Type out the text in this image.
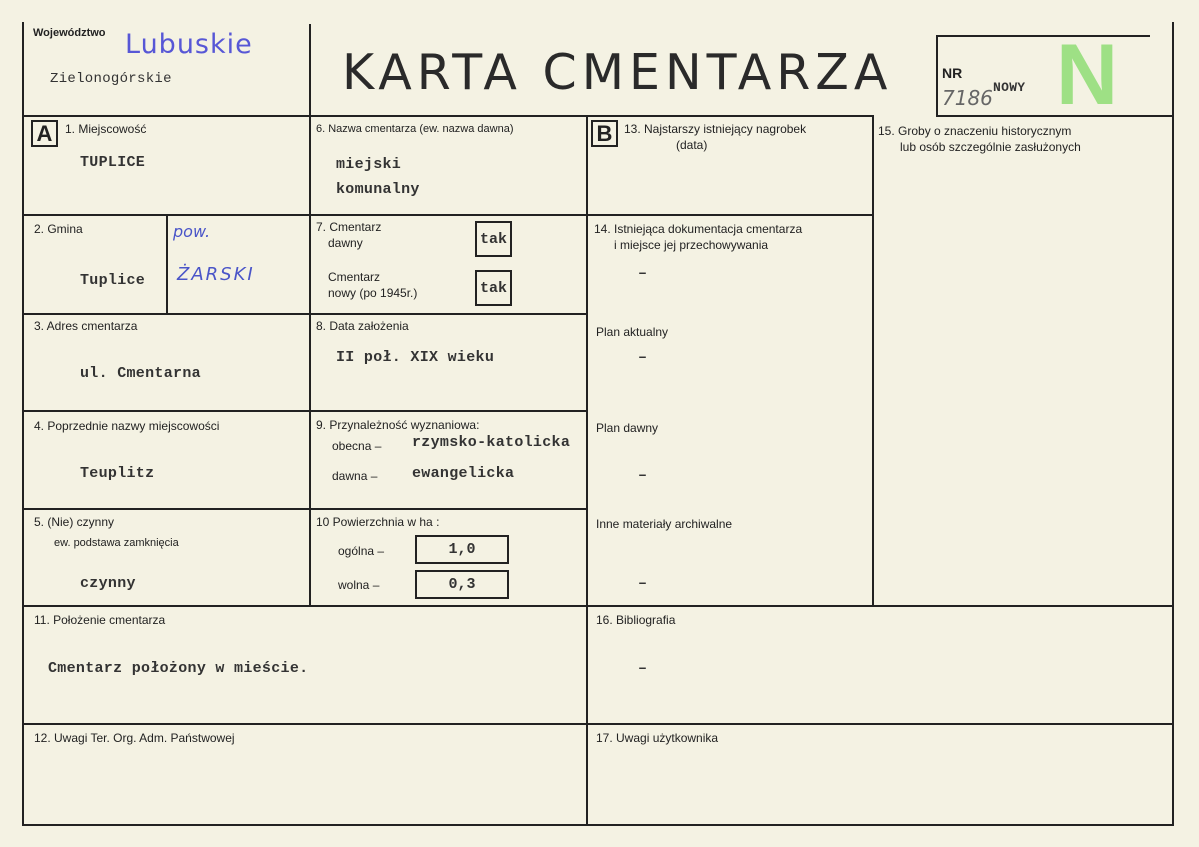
Województwo Lubuskie
Zielonogórskie	KARTA CMENTARZA	NR
7186 NOWY N
A	B
1. Miejscowość
TUPLICE
6. Nazwa cmentarza (ew. nazwa dawna)
miejski
komunalny
13. Najstarszy istniejący nagrobek
(data)
15. Groby o znaczeniu historycznym
lub osób szczególnie zasłużonych
2. Gmina
Tuplice
pow.
ŻARSKI
7. Cmentarz
dawny	tak
Cmentarz
nowy (po 1945r.)	tak
14. Istniejąca dokumentacja cmentarza
i miejsce jej przechowywania
–
Plan aktualny
–
Plan dawny
–
Inne materiały archiwalne
–
3. Adres cmentarza
ul. Cmentarna
8. Data założenia
II poł. XIX wieku
4. Poprzednie nazwy miejscowości
Teuplitz
9. Przynależność wyznaniowa:
obecna – rzymsko-katolicka
dawna – ewangelicka
5. (Nie) czynny
ew. podstawa zamknięcia
czynny
10 Powierzchnia w ha :
ogólna –	1,0
wolna –	0,3
11. Położenie cmentarza
Cmentarz położony w mieście.
16. Bibliografia
–
12. Uwagi Ter. Org. Adm. Państwowej	17. Uwagi użytkownika
